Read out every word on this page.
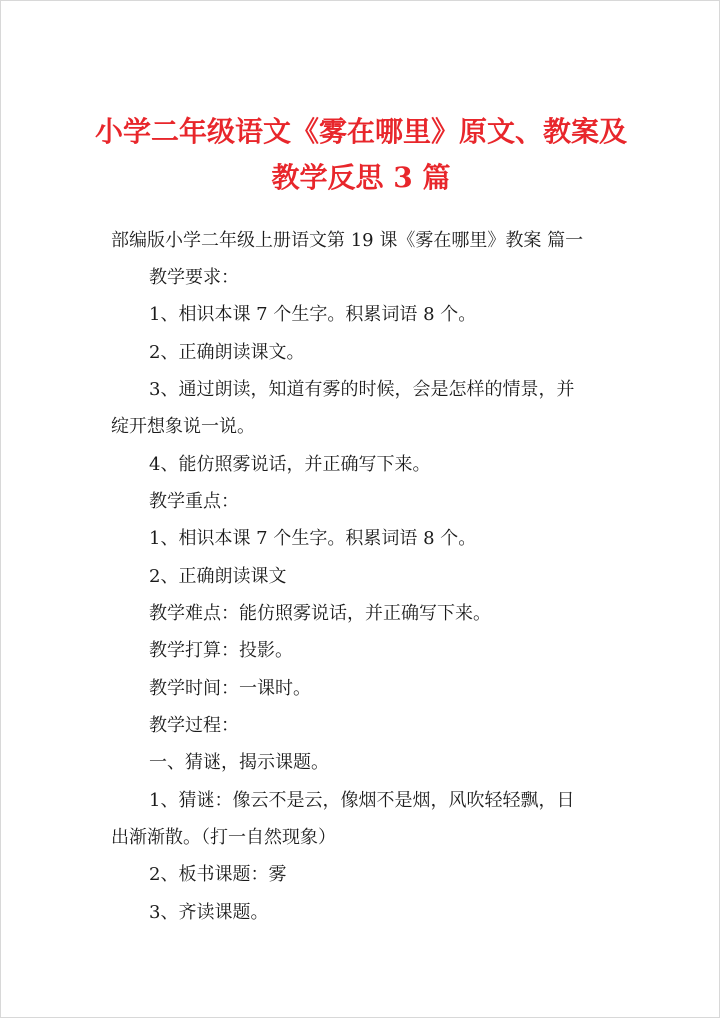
小学二年级语文《雾在哪里》原文、教案及
教学反思 3 篇
部编版小学二年级上册语文第 19 课《雾在哪里》教案 篇一
教学要求：
1、相识本课 7 个生字。积累词语 8 个。
2、正确朗读课文。
3、通过朗读，知道有雾的时候，会是怎样的情景，并
绽开想象说一说。
4、能仿照雾说话，并正确写下来。
教学重点：
1、相识本课 7 个生字。积累词语 8 个。
2、正确朗读课文
教学难点：能仿照雾说话，并正确写下来。
教学打算：投影。
教学时间：一课时。
教学过程：
一、猜谜，揭示课题。
1、猜谜：像云不是云，像烟不是烟，风吹轻轻飘，日
出渐渐散。（打一自然现象）
2、板书课题：雾
3、齐读课题。
